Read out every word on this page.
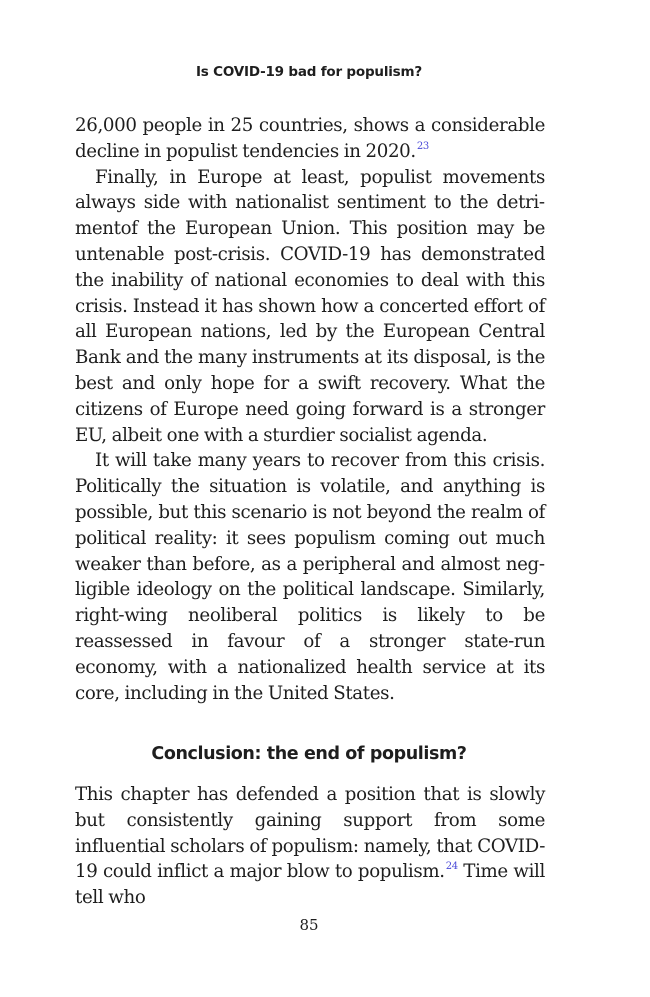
Is COVID-19 bad for populism?

26,000 people in 25 countries, shows a considerable decline in populist tendencies in 2020.23

Finally, in Europe at least, populist movements always side with nationalist sentiment to the detrimentof the European Union. This position may be untenable post-crisis. COVID-19 has demonstrated the inability of national economies to deal with this crisis. Instead it has shown how a concerted effort of all European nations, led by the European Central Bank and the many instruments at its disposal, is the best and only hope for a swift recovery. What the citizens of Europe need going forward is a stronger EU, albeit one with a sturdier socialist agenda.

It will take many years to recover from this crisis. Politically the situation is volatile, and anything is possible, but this scenario is not beyond the realm of political reality: it sees populism coming out much weaker than before, as a peripheral and almost negligible ideology on the political landscape. Similarly, right-wing neoliberal politics is likely to be reassessed in favour of a stronger state-run economy, with a nationalized health service at its core, including in the United States.

Conclusion: the end of populism?

This chapter has defended a position that is slowly but consistently gaining support from some influential scholars of populism: namely, that COVID-19 could inflict a major blow to populism.$^{24}$ Time will tell who

85
